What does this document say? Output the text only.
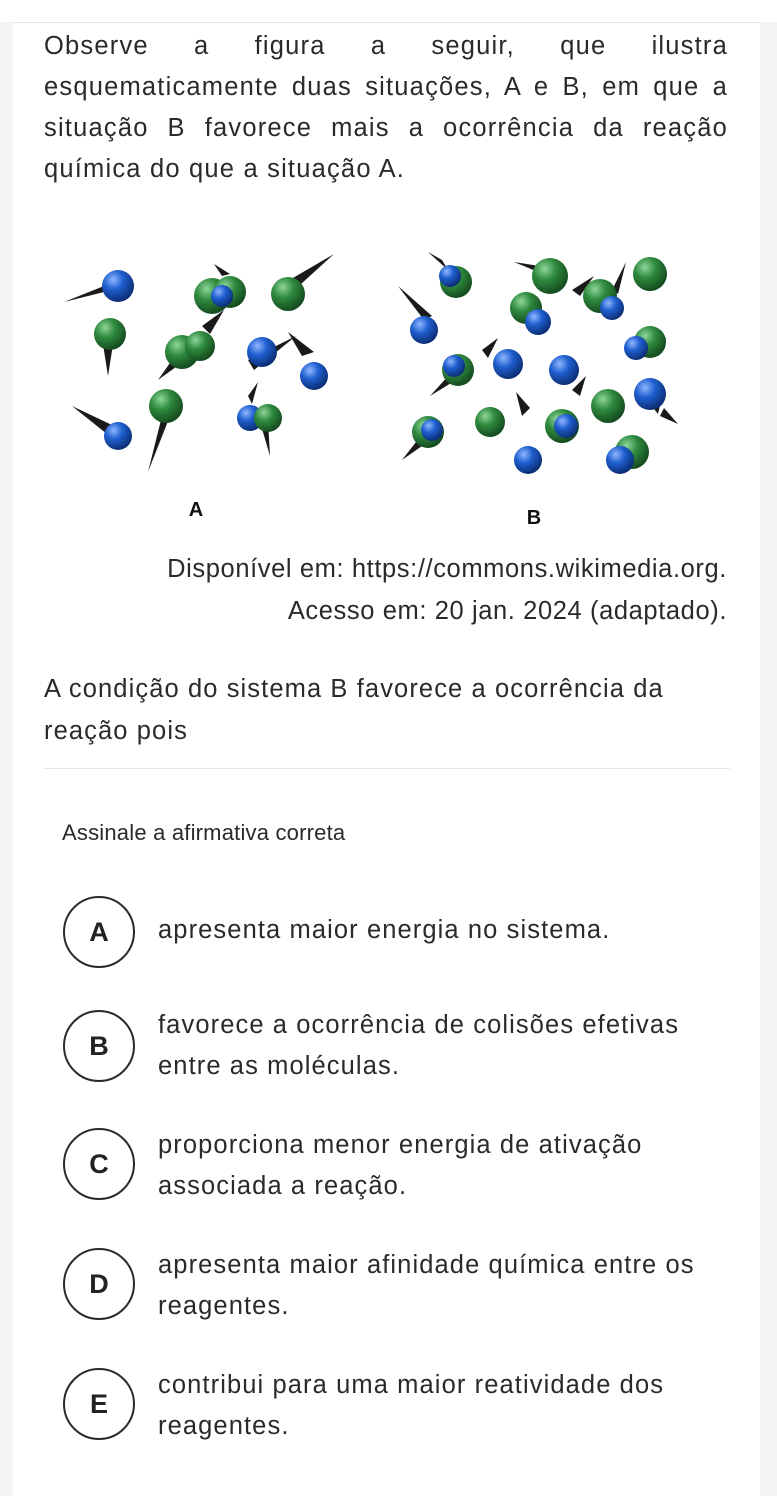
Observe a figura a seguir, que ilustra esquematicamente duas situações, A e B, em que a situação B favorece mais a ocorrência da reação química do que a situação A.

A	B
Disponível em: https://commons.wikimedia.org.
Acesso em: 20 jan. 2024 (adaptado).

A condição do sistema B favorece a ocorrência da reação pois

Assinale a afirmativa correta
A	apresenta maior energia no sistema.
B
favorece a ocorrência de colisões efetivas entre as moléculas.
C
proporciona menor energia de ativação associada a reação.
D
apresenta maior afinidade química entre os reagentes.
E
contribui para uma maior reatividade dos reagentes.
